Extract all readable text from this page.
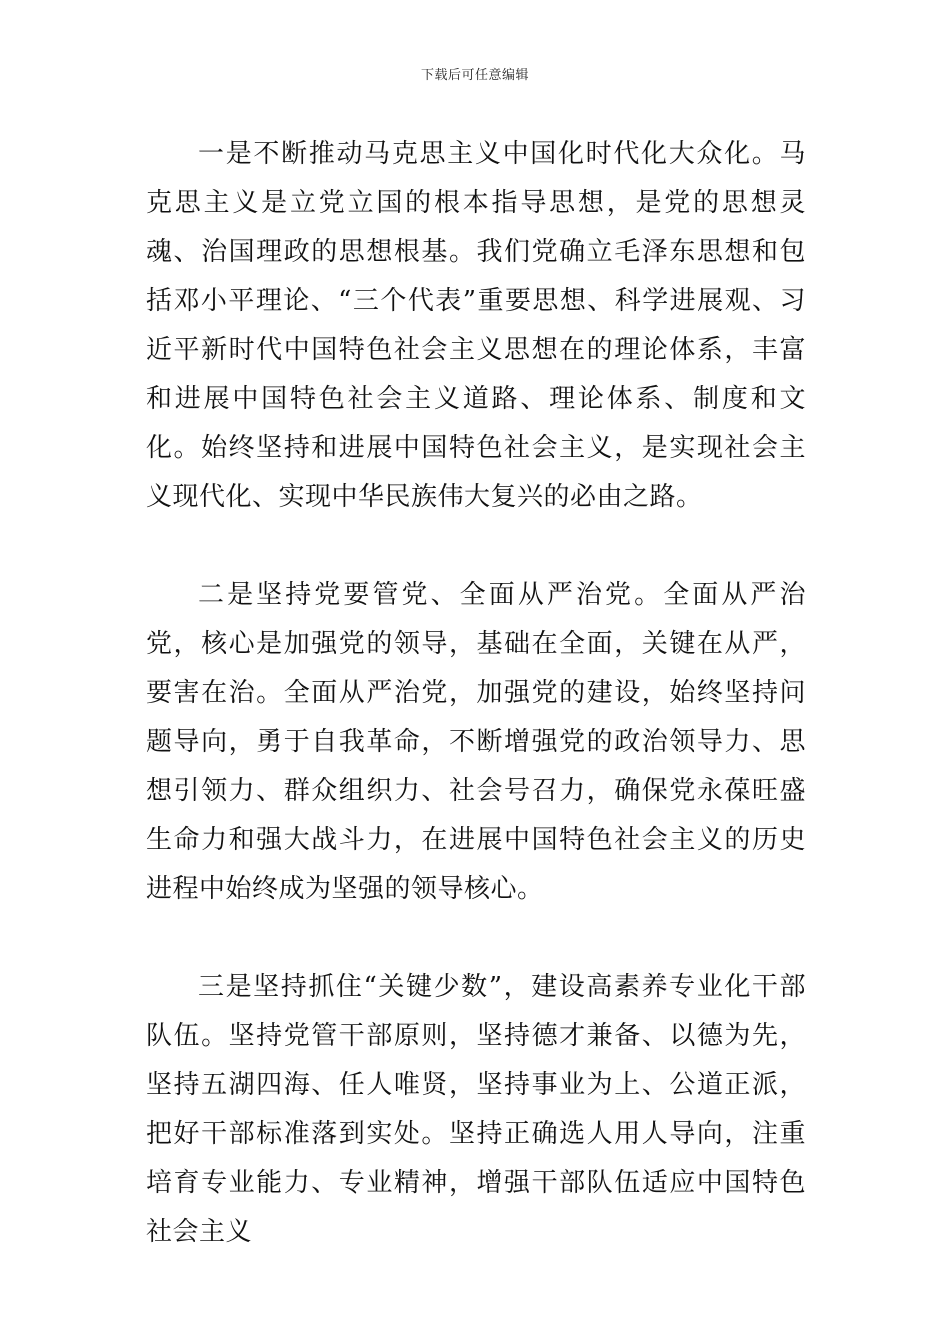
下载后可任意编辑

一是不断推动马克思主义中国化时代化大众化。马克思主义是立党立国的根本指导思想，是党的思想灵魂、治国理政的思想根基。我们党确立毛泽东思想和包括邓小平理论、“三个代表”重要思想、科学进展观、习近平新时代中国特色社会主义思想在的理论体系，丰富和进展中国特色社会主义道路、理论体系、制度和文化。始终坚持和进展中国特色社会主义，是实现社会主义现代化、实现中华民族伟大复兴的必由之路。

二是坚持党要管党、全面从严治党。全面从严治党，核心是加强党的领导，基础在全面，关键在从严，要害在治。全面从严治党，加强党的建设，始终坚持问题导向，勇于自我革命，不断增强党的政治领导力、思想引领力、群众组织力、社会号召力，确保党永葆旺盛生命力和强大战斗力，在进展中国特色社会主义的历史进程中始终成为坚强的领导核心。

三是坚持抓住“关键少数”，建设高素养专业化干部队伍。坚持党管干部原则，坚持德才兼备、以德为先，坚持五湖四海、任人唯贤，坚持事业为上、公道正派，把好干部标准落到实处。坚持正确选人用人导向，注重培育专业能力、专业精神，增强干部队伍适应中国特色社会主义
